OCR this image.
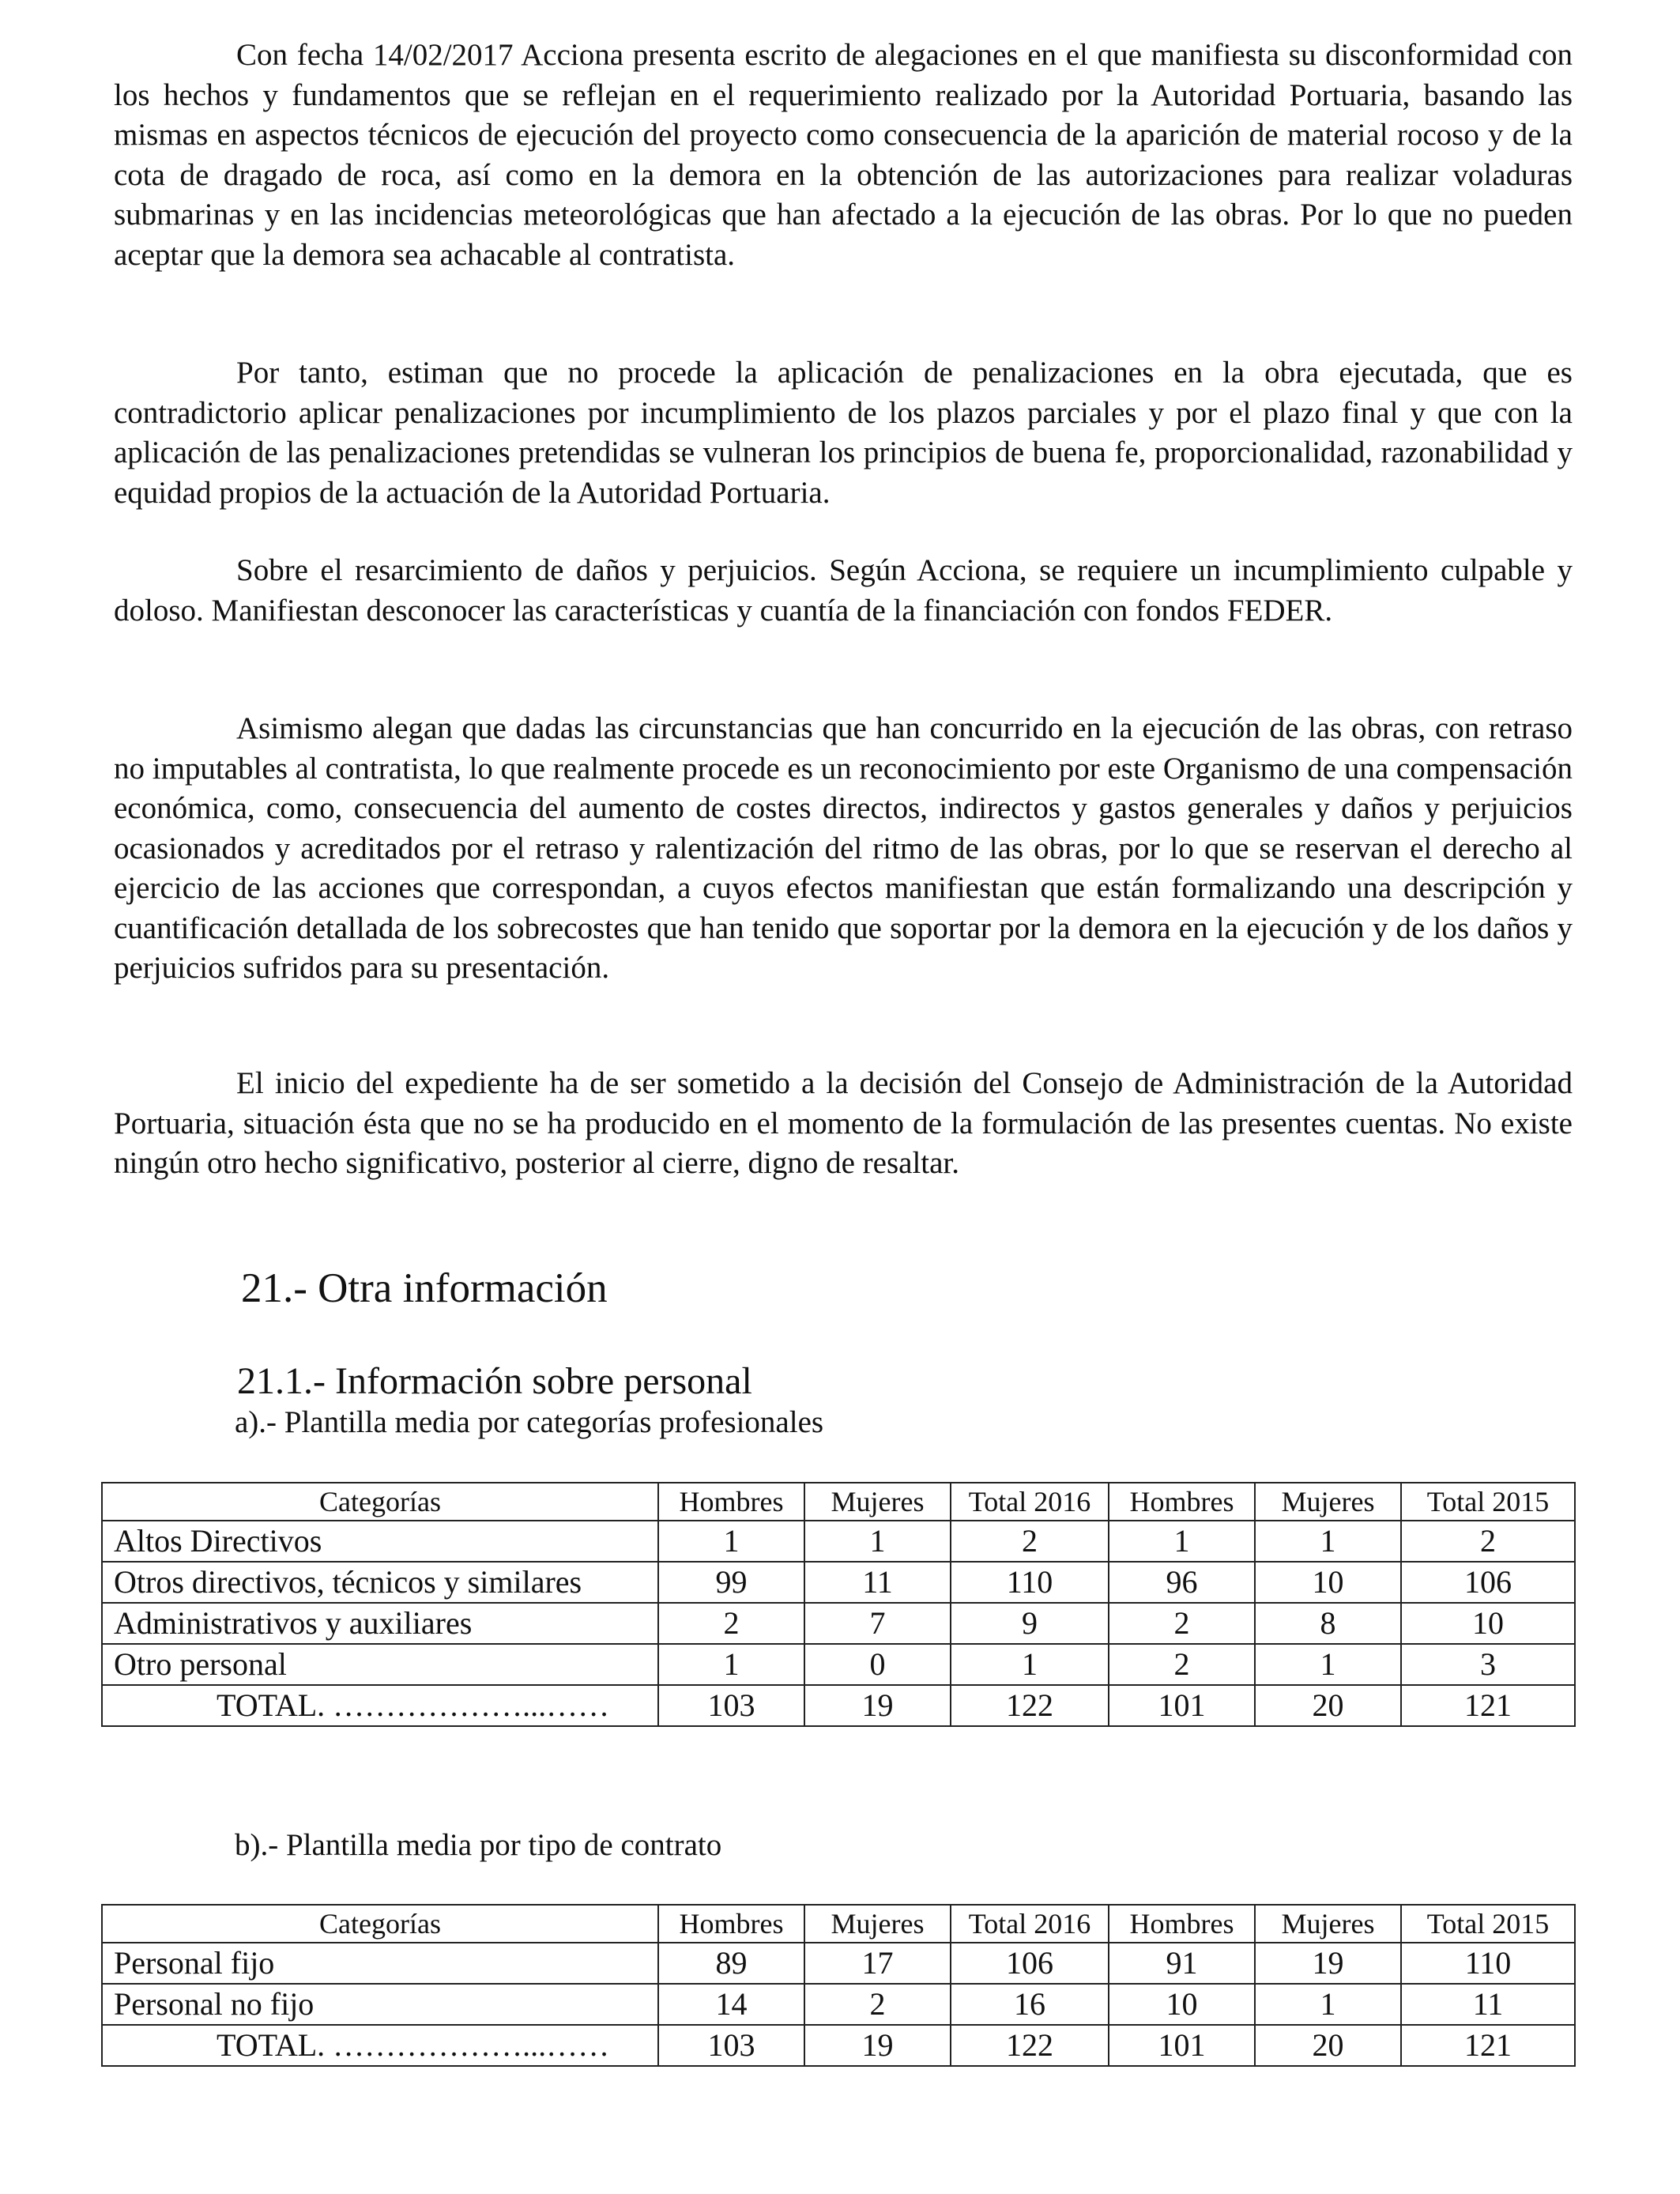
Con fecha 14/02/2017 Acciona presenta escrito de alegaciones en el que manifiesta su disconformidad con los hechos y fundamentos que se reflejan en el requerimiento realizado por la Autoridad Portuaria, basando las mismas en aspectos técnicos de ejecución del proyecto como consecuencia de la aparición de material rocoso y de la cota de dragado de roca, así como en la demora en la obtención de las autorizaciones para realizar voladuras submarinas y en las incidencias meteorológicas que han afectado a la ejecución de las obras. Por lo que no pueden aceptar que la demora sea achacable al contratista.

Por tanto, estiman que no procede la aplicación de penalizaciones en la obra ejecutada, que es contradictorio aplicar penalizaciones por incumplimiento de los plazos parciales y por el plazo final y que con la aplicación de las penalizaciones pretendidas se vulneran los principios de buena fe, proporcionalidad, razonabilidad y equidad propios de la actuación de la Autoridad Portuaria.

Sobre el resarcimiento de daños y perjuicios. Según Acciona, se requiere un incumplimiento culpable y doloso. Manifiestan desconocer las características y cuantía de la financiación con fondos FEDER.

Asimismo alegan que dadas las circunstancias que han concurrido en la ejecución de las obras, con retraso no imputables al contratista, lo que realmente procede es un reconocimiento por este Organismo de una compensación económica, como, consecuencia del aumento de costes directos, indirectos y gastos generales y daños y perjuicios ocasionados y acreditados por el retraso y ralentización del ritmo de las obras, por lo que se reservan el derecho al ejercicio de las acciones que correspondan, a cuyos efectos manifiestan que están formalizando una descripción y cuantificación detallada de los sobrecostes que han tenido que soportar por la demora en la ejecución y de los daños y perjuicios sufridos para su presentación.

El inicio del expediente ha de ser sometido a la decisión del Consejo de Administración de la Autoridad Portuaria, situación ésta que no se ha producido en el momento de la formulación de las presentes cuentas. No existe ningún otro hecho significativo, posterior al cierre, digno de resaltar.

21.- Otra información
21.1.- Información sobre personal
a).- Plantilla media por categorías profesionales
Categorías	Hombres	Mujeres	Total 2016	Hombres	Mujeres	Total 2015
Altos Directivos	1	1	2	1	1	2
Otros directivos, técnicos y similares	99	11	110	96	10	106
Administrativos y auxiliares	2	7	9	2	8	10
Otro personal	1	0	1	2	1	3
TOTAL. ………………...……	103	19	122	101	20	121
b).- Plantilla media por tipo de contrato
Categorías	Hombres	Mujeres	Total 2016	Hombres	Mujeres	Total 2015
Personal fijo	89	17	106	91	19	110
Personal no fijo	14	2	16	10	1	11
TOTAL. ………………...……	103	19	122	101	20	121
